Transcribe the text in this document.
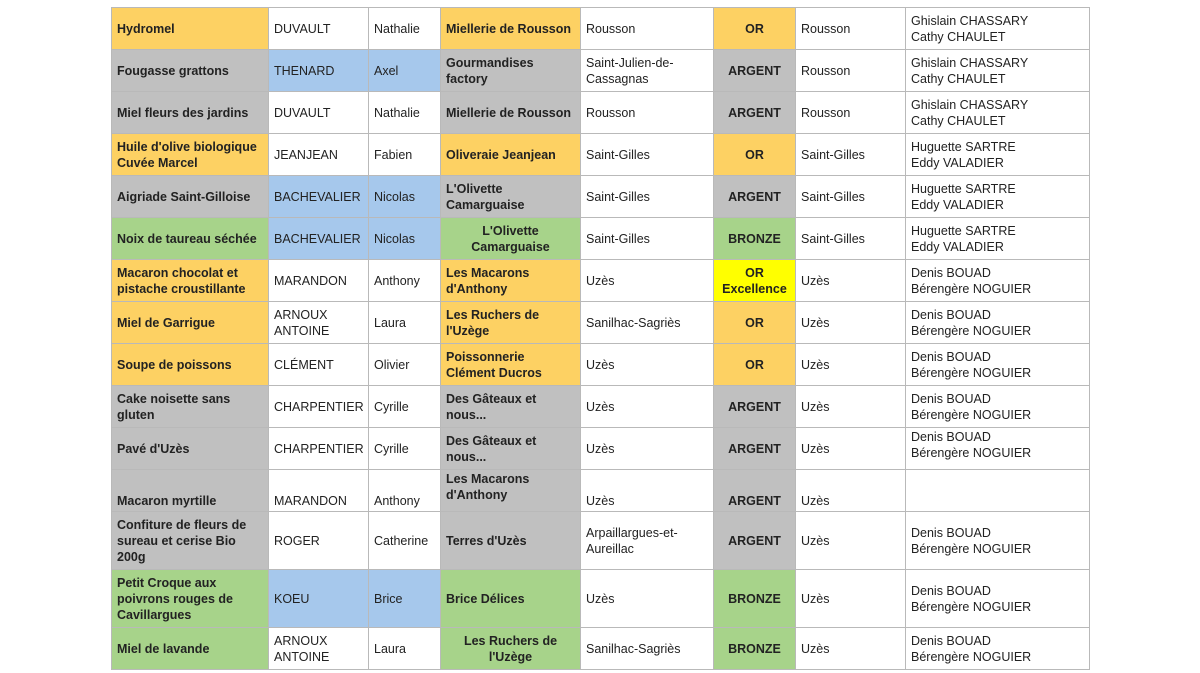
Hydromel	DUVAULT	Nathalie	Miellerie de Rousson	Rousson	OR	Rousson	Ghislain CHASSARY
Cathy CHAULET

Fougasse grattons	THENARD	Axel	Gourmandises factory	Saint-Julien-de-Cassagnas	ARGENT	Rousson	Ghislain CHASSARY
Cathy CHAULET

Miel fleurs des jardins	DUVAULT	Nathalie	Miellerie de Rousson	Rousson	ARGENT	Rousson	Ghislain CHASSARY
Cathy CHAULET

Huile d'olive biologique Cuvée Marcel	JEANJEAN	Fabien	Oliveraie Jeanjean	Saint-Gilles	OR	Saint-Gilles	Huguette SARTRE
Eddy VALADIER

Aigriade Saint-Gilloise	BACHEVALIER	Nicolas	L'Olivette Camarguaise	Saint-Gilles	ARGENT	Saint-Gilles	Huguette SARTRE
Eddy VALADIER

Noix de taureau séchée	BACHEVALIER	Nicolas	L'Olivette Camarguaise	Saint-Gilles	BRONZE	Saint-Gilles	Huguette SARTRE
Eddy VALADIER

Macaron chocolat et pistache croustillante	MARANDON	Anthony	Les Macarons d'Anthony	Uzès	OR Excellence	Uzès	Denis BOUAD
Bérengère NOGUIER

Miel de Garrigue	ARNOUX ANTOINE	Laura	Les Ruchers de l'Uzège	Sanilhac-Sagriès	OR	Uzès	Denis BOUAD
Bérengère NOGUIER

Soupe de poissons	CLÉMENT	Olivier	Poissonnerie Clément Ducros	Uzès	OR	Uzès	Denis BOUAD
Bérengère NOGUIER

Cake noisette sans gluten	CHARPENTIER	Cyrille	Des Gâteaux et nous...	Uzès	ARGENT	Uzès	Denis BOUAD
Bérengère NOGUIER

Pavé d'Uzès	CHARPENTIER	Cyrille	Des Gâteaux et nous...	Uzès	ARGENT	Uzès	Denis BOUAD
Bérengère NOGUIER

Macaron myrtille	MARANDON	Anthony	Les Macarons d'Anthony	Uzès	ARGENT	Uzès	
Confiture de fleurs de sureau et cerise Bio 200g	ROGER	Catherine	Terres d'Uzès	Arpaillargues-et-Aureillac	ARGENT	Uzès	Denis BOUAD
Bérengère NOGUIER

Petit Croque aux poivrons rouges de Cavillargues	KOEU	Brice	Brice Délices	Uzès	BRONZE	Uzès	Denis BOUAD
Bérengère NOGUIER

Miel de lavande	ARNOUX ANTOINE	Laura	Les Ruchers de l'Uzège	Sanilhac-Sagriès	BRONZE	Uzès	Denis BOUAD
Bérengère NOGUIER
